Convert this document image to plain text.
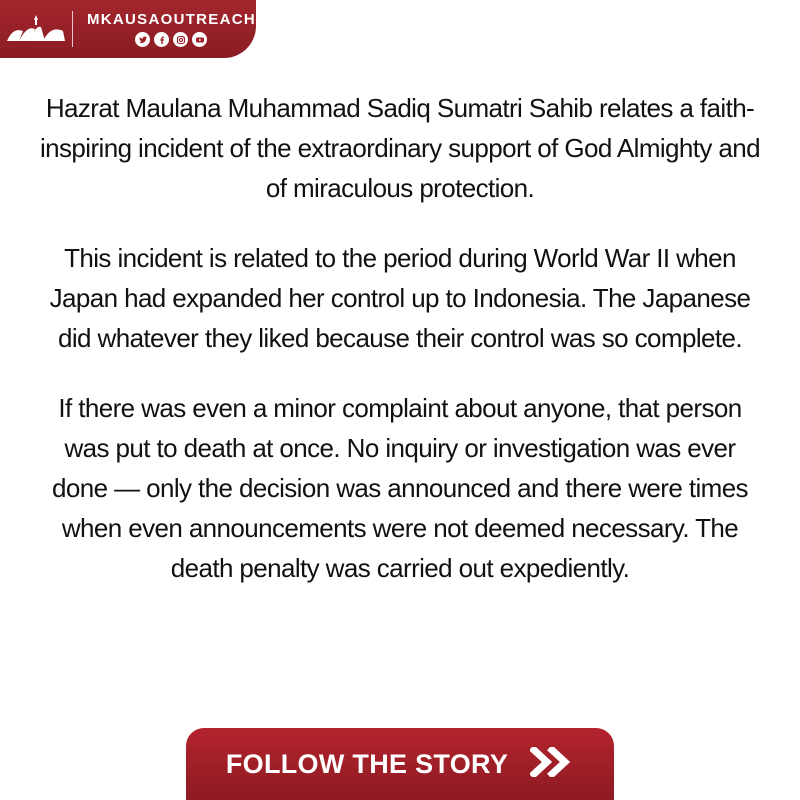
MKAUSAOUTREACH

Hazrat Maulana Muhammad Sadiq Sumatri Sahib relates a faith-inspiring incident of the extraordinary support of God Almighty and of miraculous protection.

This incident is related to the period during World War II when Japan had expanded her control up to Indonesia. The Japanese did whatever they liked because their control was so complete.

If there was even a minor complaint about anyone, that person was put to death at once. No inquiry or investigation was ever done — only the decision was announced and there were times when even announcements were not deemed necessary. The death penalty was carried out expediently.

FOLLOW THE STORY
